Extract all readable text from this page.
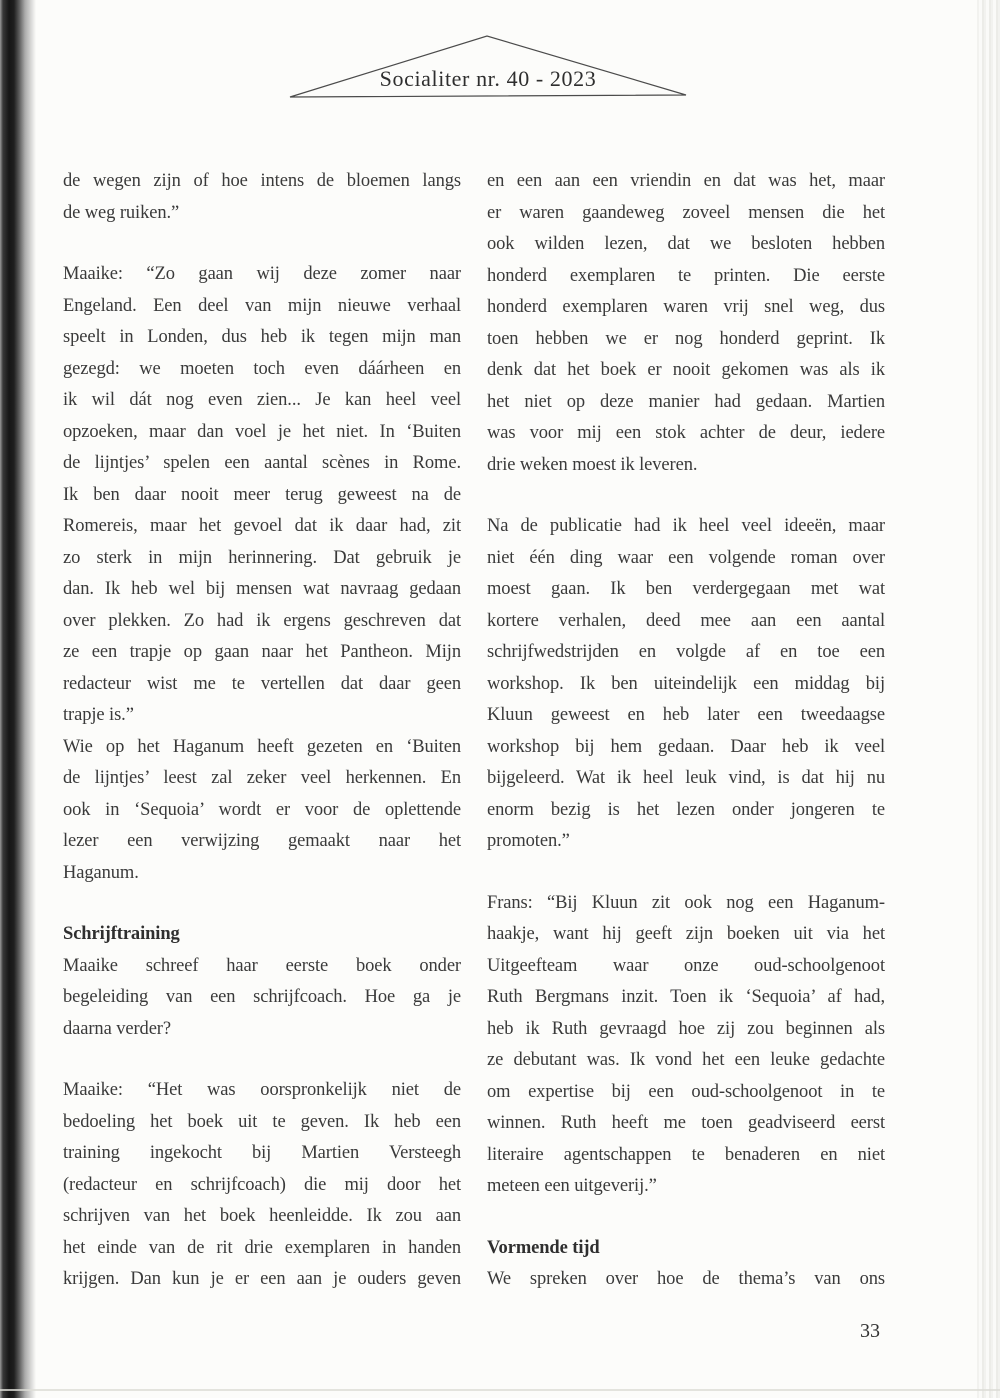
Socialiter nr. 40 - 2023
de wegen zijn of hoe intens de bloemen langs
de weg ruiken.”
Maaike: “Zo gaan wij deze zomer naar
Engeland. Een deel van mijn nieuwe verhaal
speelt in Londen, dus heb ik tegen mijn man
gezegd: we moeten toch even dáárheen en
ik wil dát nog even zien... Je kan heel veel
opzoeken, maar dan voel je het niet. In ‘Buiten
de lijntjes’ spelen een aantal scènes in Rome.
Ik ben daar nooit meer terug geweest na de
Romereis, maar het gevoel dat ik daar had, zit
zo sterk in mijn herinnering. Dat gebruik je
dan. Ik heb wel bij mensen wat navraag gedaan
over plekken. Zo had ik ergens geschreven dat
ze een trapje op gaan naar het Pantheon. Mijn
redacteur wist me te vertellen dat daar geen
trapje is.”
Wie op het Haganum heeft gezeten en ‘Buiten
de lijntjes’ leest zal zeker veel herkennen. En
ook in ‘Sequoia’ wordt er voor de oplettende
lezer een verwijzing gemaakt naar het
Haganum.
Schrijftraining
Maaike schreef haar eerste boek onder
begeleiding van een schrijfcoach. Hoe ga je
daarna verder?
Maaike: “Het was oorspronkelijk niet de
bedoeling het boek uit te geven. Ik heb een
training ingekocht bij Martien Versteegh
(redacteur en schrijfcoach) die mij door het
schrijven van het boek heenleidde. Ik zou aan
het einde van de rit drie exemplaren in handen
krijgen. Dan kun je er een aan je ouders geven
en een aan een vriendin en dat was het, maar
er waren gaandeweg zoveel mensen die het
ook wilden lezen, dat we besloten hebben
honderd exemplaren te printen. Die eerste
honderd exemplaren waren vrij snel weg, dus
toen hebben we er nog honderd geprint. Ik
denk dat het boek er nooit gekomen was als ik
het niet op deze manier had gedaan. Martien
was voor mij een stok achter de deur, iedere
drie weken moest ik leveren.
Na de publicatie had ik heel veel ideeën, maar
niet één ding waar een volgende roman over
moest gaan. Ik ben verdergegaan met wat
kortere verhalen, deed mee aan een aantal
schrijfwedstrijden en volgde af en toe een
workshop. Ik ben uiteindelijk een middag bij
Kluun geweest en heb later een tweedaagse
workshop bij hem gedaan. Daar heb ik veel
bijgeleerd. Wat ik heel leuk vind, is dat hij nu
enorm bezig is het lezen onder jongeren te
promoten.”
Frans: “Bij Kluun zit ook nog een Haganum-
haakje, want hij geeft zijn boeken uit via het
Uitgeefteam waar onze oud-schoolgenoot
Ruth Bergmans inzit. Toen ik ‘Sequoia’ af had,
heb ik Ruth gevraagd hoe zij zou beginnen als
ze debutant was. Ik vond het een leuke gedachte
om expertise bij een oud-schoolgenoot in te
winnen. Ruth heeft me toen geadviseerd eerst
literaire agentschappen te benaderen en niet
meteen een uitgeverij.”
Vormende tijd
We spreken over hoe de thema’s van ons
33
